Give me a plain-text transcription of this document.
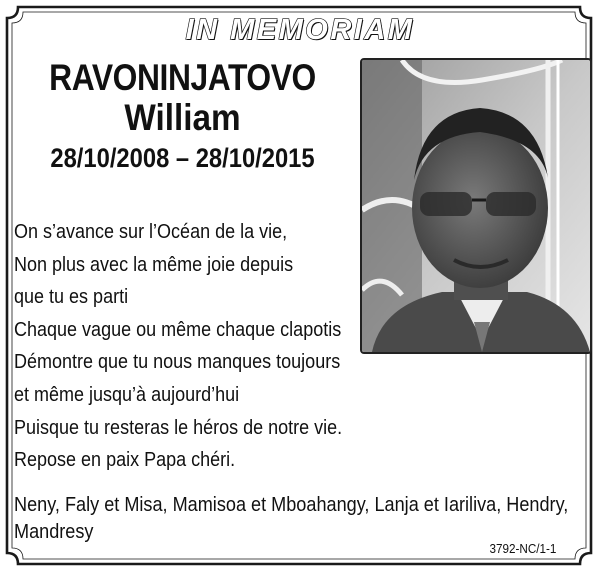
IN MEMORIAM
RAVONINJATOVO
William
28/10/2008 – 28/10/2015
On s’avance sur l’Océan de la vie,
Non plus avec la même joie depuis
que tu es parti
Chaque vague ou même chaque clapotis
Démontre que tu nous manques toujours
et même jusqu’à aujourd’hui
Puisque tu resteras le héros de notre vie.
Repose en paix Papa chéri.
Neny, Faly et Misa, Mamisoa et Mboahangy, Lanja et Iariliva, Hendry, Mandresy
3792-NC/1-1
